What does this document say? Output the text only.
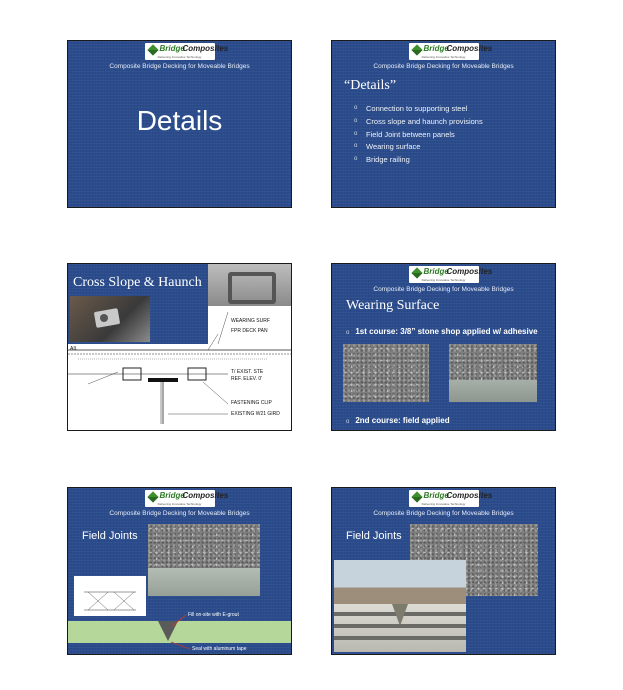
Bridge
Composites
Delivering Innovative Technology
Composite Bridge Decking for Moveable Bridges
Details
Bridge
Composites
Delivering Innovative Technology
Composite Bridge Decking for Moveable Bridges
“Details”
o Connection to supporting steel
o Cross slope and haunch provisions
o Field Joint between panels
o Wearing surface
o Bridge railing
Cross Slope & Haunch
WEARING SURF
FPR DECK PAN
T/ EXIST. STE
REF. ELEV. 0'
FASTENING CLIP
EXISTING W21 GIRD
AIL
Bridge
Composites
Delivering Innovative Technology
Composite Bridge Decking for Moveable Bridges
Wearing Surface
o 1st course: 3/8” stone shop applied w/ adhesive
o 2nd course: field applied
Bridge
Composites
Delivering Innovative Technology
Composite Bridge Decking for Moveable Bridges
Field Joints
Fill on-site with E-grout
Seal with aluminum tape
Bridge
Composites
Delivering Innovative Technology
Composite Bridge Decking for Moveable Bridges
Field Joints
